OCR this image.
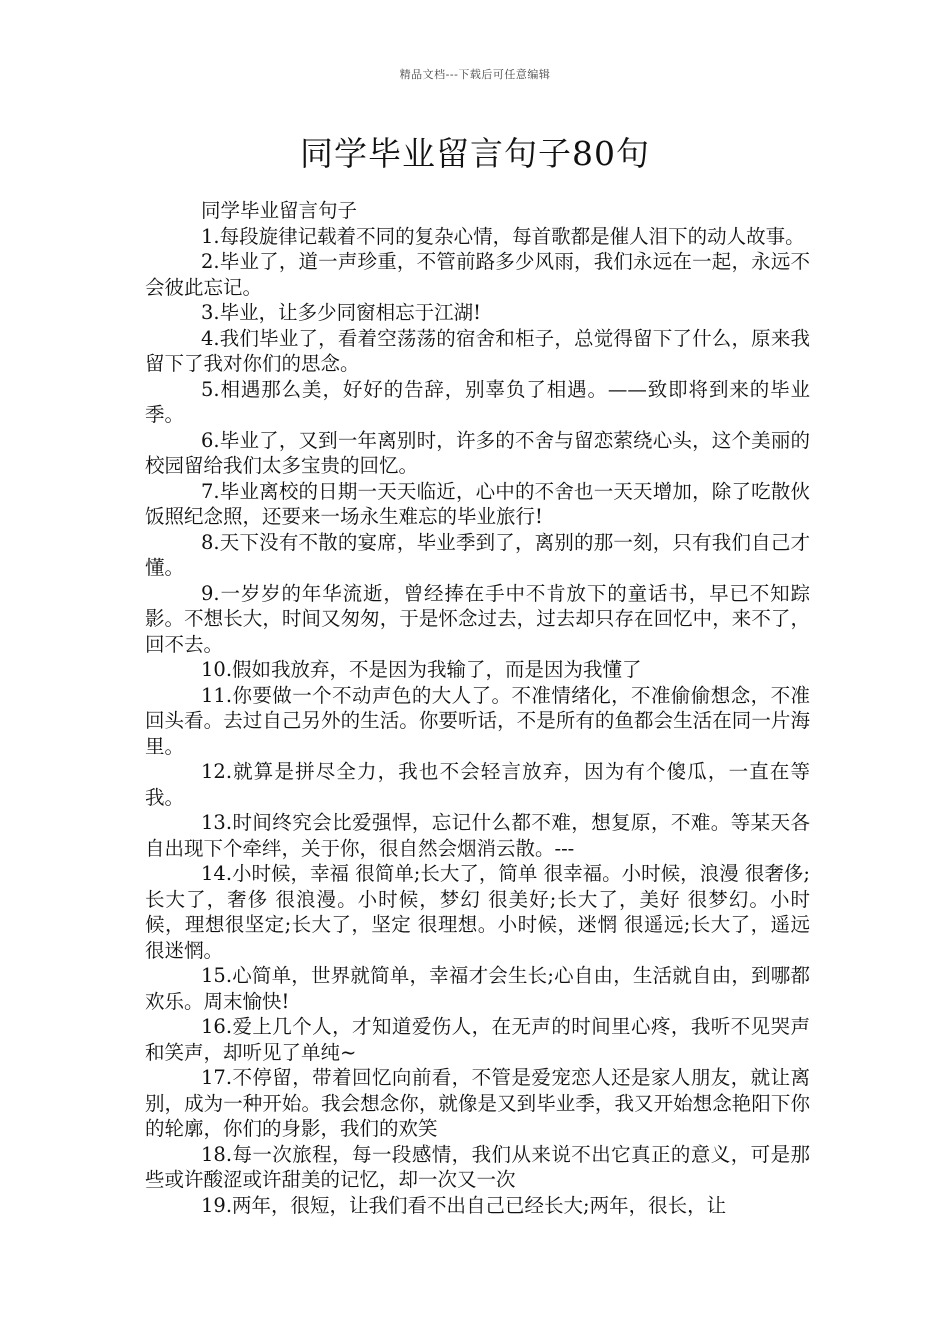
精品文档---下载后可任意编辑
同学毕业留言句子80句

同学毕业留言句子

1.每段旋律记载着不同的复杂心情，每首歌都是催人泪下的动人故事。

2.毕业了，道一声珍重，不管前路多少风雨，我们永远在一起，永远不会彼此忘记。

3.毕业，让多少同窗相忘于江湖!

4.我们毕业了，看着空荡荡的宿舍和柜子，总觉得留下了什么，原来我留下了我对你们的思念。

5.相遇那么美，好好的告辞，别辜负了相遇。——致即将到来的毕业季。

6.毕业了，又到一年离别时，许多的不舍与留恋萦绕心头，这个美丽的校园留给我们太多宝贵的回忆。

7.毕业离校的日期一天天临近，心中的不舍也一天天增加，除了吃散伙饭照纪念照，还要来一场永生难忘的毕业旅行!

8.天下没有不散的宴席，毕业季到了，离别的那一刻，只有我们自己才懂。

9.一岁岁的年华流逝，曾经捧在手中不肯放下的童话书，早已不知踪影。不想长大，时间又匆匆，于是怀念过去，过去却只存在回忆中，来不了，回不去。

10.假如我放弃，不是因为我输了，而是因为我懂了

11.你要做一个不动声色的大人了。不准情绪化，不准偷偷想念，不准回头看。去过自己另外的生活。你要听话，不是所有的鱼都会生活在同一片海里。

12.就算是拼尽全力，我也不会轻言放弃，因为有个傻瓜，一直在等我。

13.时间终究会比爱强悍，忘记什么都不难，想复原，不难。等某天各自出现下个牵绊，关于你，很自然会烟消云散。---

14.小时候，幸福 很简单;长大了，简单 很幸福。小时候，浪漫 很奢侈;长大了，奢侈 很浪漫。小时候，梦幻 很美好;长大了，美好 很梦幻。小时候，理想很坚定;长大了，坚定 很理想。小时候，迷惘 很遥远;长大了，遥远 很迷惘。

15.心简单，世界就简单，幸福才会生长;心自由，生活就自由，到哪都欢乐。周末愉快!

16.爱上几个人，才知道爱伤人，在无声的时间里心疼，我听不见哭声和笑声，却听见了单纯~

17.不停留，带着回忆向前看，不管是爱宠恋人还是家人朋友，就让离别，成为一种开始。我会想念你，就像是又到毕业季，我又开始想念艳阳下你的轮廓，你们的身影，我们的欢笑

18.每一次旅程，每一段感情，我们从来说不出它真正的意义，可是那些或许酸涩或许甜美的记忆，却一次又一次

19.两年，很短，让我们看不出自己已经长大;两年，很长，让
